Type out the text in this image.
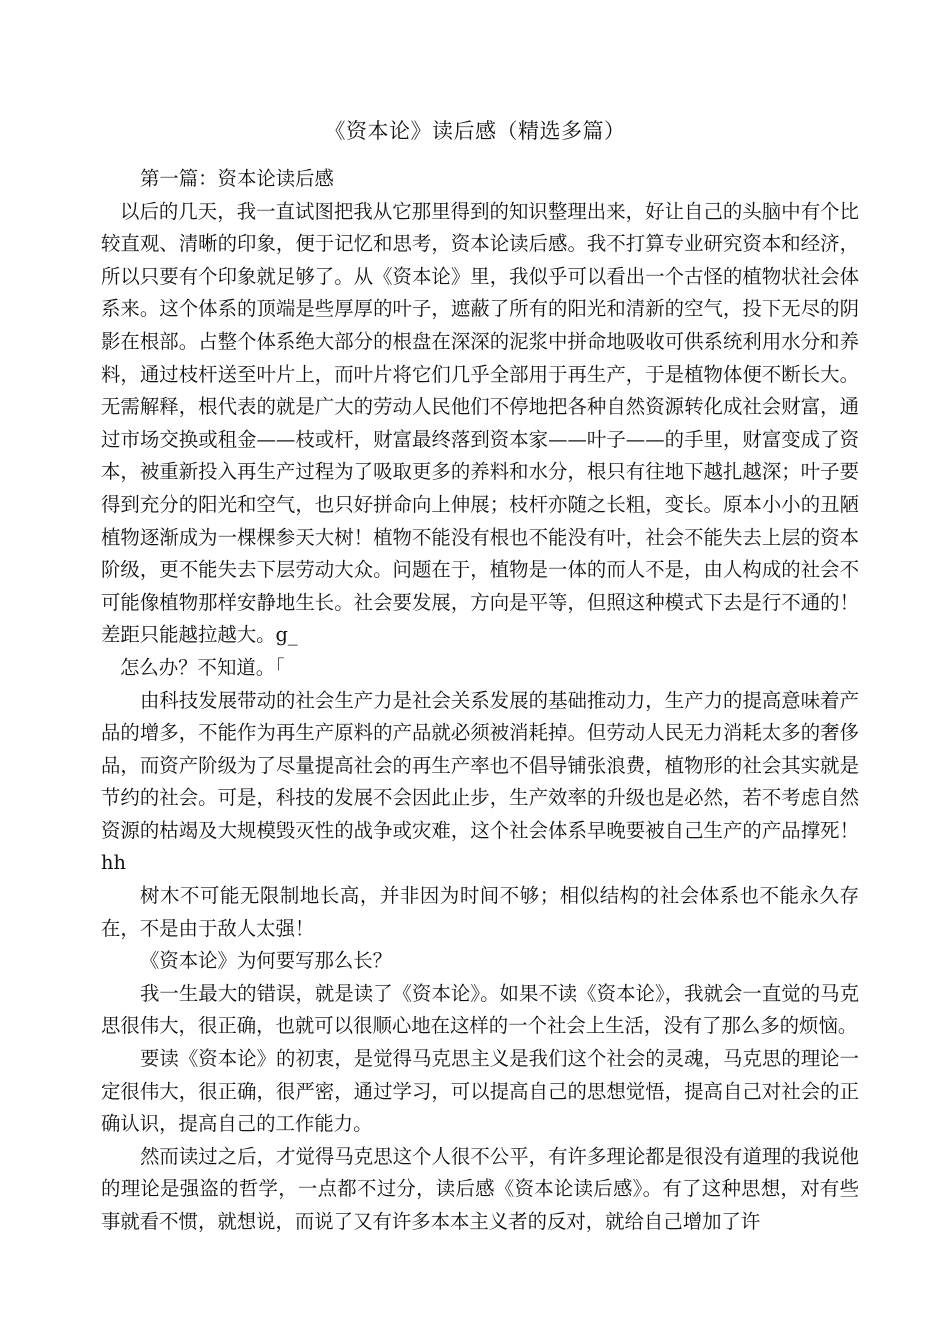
《资本论》读后感（精选多篇）

第一篇：资本论读后感

以后的几天，我一直试图把我从它那里得到的知识整理出来，好让自己的头脑中有个比较直观、清晰的印象，便于记忆和思考，资本论读后感。我不打算专业研究资本和经济，所以只要有个印象就足够了。从《资本论》里，我似乎可以看出一个古怪的植物状社会体系来。这个体系的顶端是些厚厚的叶子，遮蔽了所有的阳光和清新的空气，投下无尽的阴影在根部。占整个体系绝大部分的根盘在深深的泥浆中拼命地吸收可供系统利用水分和养料，通过枝杆送至叶片上，而叶片将它们几乎全部用于再生产，于是植物体便不断长大。无需解释，根代表的就是广大的劳动人民他们不停地把各种自然资源转化成社会财富，通过市场交换或租金——枝或杆，财富最终落到资本家——叶子——的手里，财富变成了资本，被重新投入再生产过程为了吸取更多的养料和水分，根只有往地下越扎越深；叶子要得到充分的阳光和空气，也只好拼命向上伸展；枝杆亦随之长粗，变长。原本小小的丑陋植物逐渐成为一棵棵参天大树！植物不能没有根也不能没有叶，社会不能失去上层的资本阶级，更不能失去下层劳动大众。问题在于，植物是一体的而人不是，由人构成的社会不可能像植物那样安静地生长。社会要发展，方向是平等，但照这种模式下去是行不通的！差距只能越拉越大。g_

怎么办？不知道。「

由科技发展带动的社会生产力是社会关系发展的基础推动力，生产力的提高意味着产品的增多，不能作为再生产原料的产品就必须被消耗掉。但劳动人民无力消耗太多的奢侈品，而资产阶级为了尽量提高社会的再生产率也不倡导铺张浪费，植物形的社会其实就是节约的社会。可是，科技的发展不会因此止步，生产效率的升级也是必然，若不考虑自然资源的枯竭及大规模毁灭性的战争或灾难，这个社会体系早晚要被自己生产的产品撑死！hh

树木不可能无限制地长高，并非因为时间不够；相似结构的社会体系也不能永久存在，不是由于敌人太强！

《资本论》为何要写那么长？

我一生最大的错误，就是读了《资本论》。如果不读《资本论》，我就会一直觉的马克思很伟大，很正确，也就可以很顺心地在这样的一个社会上生活，没有了那么多的烦恼。

要读《资本论》的初衷，是觉得马克思主义是我们这个社会的灵魂，马克思的理论一定很伟大，很正确，很严密，通过学习，可以提高自己的思想觉悟，提高自己对社会的正确认识，提高自己的工作能力。

然而读过之后，才觉得马克思这个人很不公平，有许多理论都是很没有道理的我说他的理论是强盗的哲学，一点都不过分，读后感《资本论读后感》。有了这种思想，对有些事就看不惯，就想说，而说了又有许多本本主义者的反对，就给自己增加了许
